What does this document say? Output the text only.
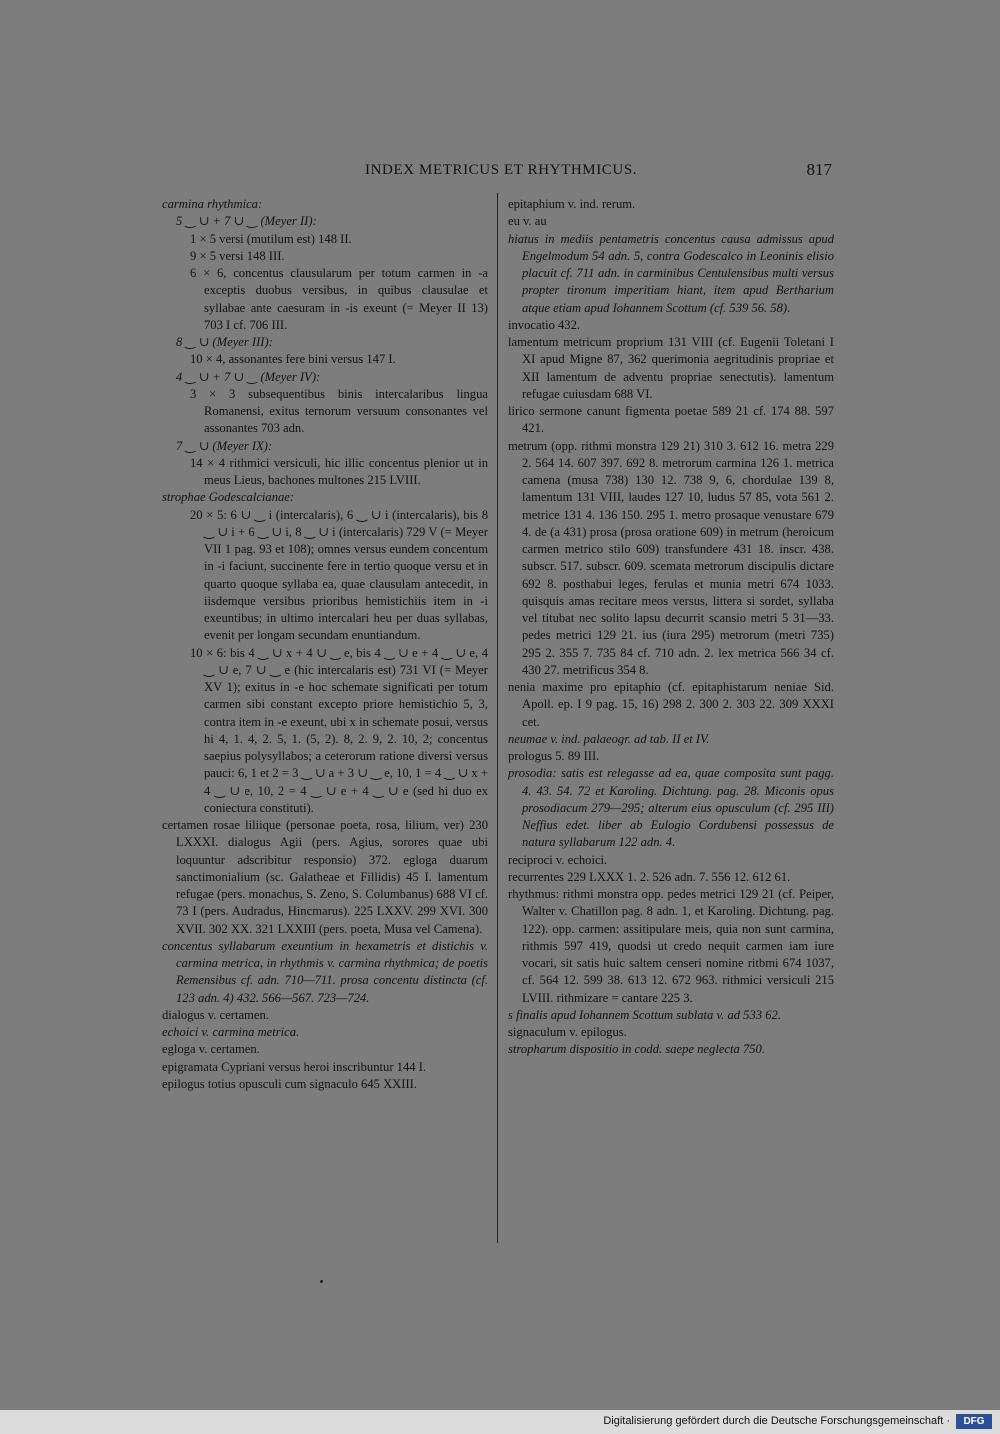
INDEX METRICUS ET RHYTHMICUS.	817
carmina rhythmica:
5 ‿ ∪ + 7 ∪ ‿ (Meyer II):
1 × 5 versi (mutilum est) 148 II.
9 × 5 versi 148 III.
6 × 6, concentus clausularum per totum carmen in -a exceptis duobus versibus, in quibus clausulae et syllabae ante caesuram in -is exeunt (= Meyer II 13) 703 I cf. 706 III.
8 ‿ ∪ (Meyer III):
10 × 4, assonantes fere bini versus 147 I.
4 ‿ ∪ + 7 ∪ ‿ (Meyer IV):
3 × 3 subsequentibus binis intercalaribus lingua Romanensi, exitus ternorum versuum consonantes vel assonantes 703 adn.
7 ‿ ∪ (Meyer IX):
14 × 4 rithmici versiculi, hic illic concentus plenior ut in meus Lieus, bachones multones 215 LVIII.
strophae Godescalcianae:
20 × 5: 6 ∪ ‿ i (intercalaris), 6 ‿ ∪ i (intercalaris), bis 8 ‿ ∪ i + 6 ‿ ∪ i, 8 ‿ ∪ i (intercalaris) 729 V (= Meyer VII 1 pag. 93 et 108); omnes versus eundem concentum in -i faciunt, succinente fere in tertio quoque versu et in quarto quoque syllaba ea, quae clausulam antecedit, in iisdemque versibus prioribus hemistichiis item in -i exeuntibus; in ultimo intercalari heu per duas syllabas, evenit per longam secundam enuntiandum.
10 × 6: bis 4 ‿ ∪ x + 4 ∪ ‿ e, bis 4 ‿ ∪ e + 4 ‿ ∪ e, 4 ‿ ∪ e, 7 ∪ ‿ e (hic intercalaris est) 731 VI (= Meyer XV 1); exitus in -e hoc schemate significati per totum carmen sibi constant excepto priore hemistichio 5, 3, contra item in -e exeunt, ubi x in schemate posui, versus hi 4, 1. 4, 2. 5, 1. (5, 2). 8, 2. 9, 2. 10, 2; concentus saepius polysyllabos; a ceterorum ratione diversi versus pauci: 6, 1 et 2 = 3 ‿ ∪ a + 3 ∪ ‿ e, 10, 1 = 4 ‿ ∪ x + 4 ‿ ∪ e, 10, 2 = 4 ‿ ∪ e + 4 ‿ ∪ e (sed hi duo ex coniectura constituti).
certamen rosae liliique (personae poeta, rosa, lilium, ver) 230 LXXXI. dialogus Agii (pers. Agius, sorores quae ubi loquuntur adscribitur responsio) 372. egloga duarum sanctimonialium (sc. Galatheae et Fillidis) 45 I. lamentum refugae (pers. monachus, S. Zeno, S. Columbanus) 688 VI cf. 73 I (pers. Audradus, Hincmarus). 225 LXXV. 299 XVI. 300 XVII. 302 XX. 321 LXXIII (pers. poeta, Musa vel Camena).
concentus syllabarum exeuntium in hexametris et distichis v. carmina metrica, in rhythmis v. carmina rhythmica; de poetis Remensibus cf. adn. 710—711. prosa concentu distincta (cf. 123 adn. 4) 432. 566—567. 723—724.
dialogus v. certamen.
echoici v. carmina metrica.
egloga v. certamen.
epigramata Cypriani versus heroi inscribuntur 144 I.
epilogus totius opusculi cum signaculo 645 XXIII.
epitaphium v. ind. rerum.
eu v. au
hiatus in mediis pentametris concentus causa admissus apud Engelmodum 54 adn. 5, contra Godescalco in Leoninis elisio placuit cf. 711 adn. in carminibus Centulensibus multi versus propter tironum imperitiam hiant, item apud Bertharium atque etiam apud Iohannem Scottum (cf. 539 56. 58).
invocatio 432.
lamentum metricum proprium 131 VIII (cf. Eugenii Toletani I XI apud Migne 87, 362 querimonia aegritudinis propriae et XII lamentum de adventu propriae senectutis). lamentum refugae cuiusdam 688 VI.
lirico sermone canunt figmenta poetae 589 21 cf. 174 88. 597 421.
metrum (opp. rithmi monstra 129 21) 310 3. 612 16. metra 229 2. 564 14. 607 397. 692 8. metrorum carmina 126 1. metrica camena (musa 738) 130 12. 738 9, 6, chordulae 139 8, lamentum 131 VIII, laudes 127 10, ludus 57 85, vota 561 2. metrice 131 4. 136 150. 295 1. metro prosaque venustare 679 4. de (a 431) prosa (prosa oratione 609) in metrum (heroicum carmen metrico stilo 609) transfundere 431 18. inscr. 438. subscr. 517. subscr. 609. scemata metrorum discipulis dictare 692 8. posthabui leges, ferulas et munia metri 674 1033. quisquis amas recitare meos versus, littera si sordet, syllaba vel titubat nec solito lapsu decurrit scansio metri 5 31—33. pedes metrici 129 21. ius (iura 295) metrorum (metri 735) 295 2. 355 7. 735 84 cf. 710 adn. 2. lex metrica 566 34 cf. 430 27. metrificus 354 8.
nenia maxime pro epitaphio (cf. epitaphistarum neniae Sid. Apoll. ep. I 9 pag. 15, 16) 298 2. 300 2. 303 22. 309 XXXI cet.
neumae v. ind. palaeogr. ad tab. II et IV.
prologus 5. 89 III.
prosodia: satis est relegasse ad ea, quae composita sunt pagg. 4. 43. 54. 72 et Karoling. Dichtung. pag. 28. Miconis opus prosodiacum 279—295; alterum eius opusculum (cf. 295 III) Neffius edet. liber ab Eulogio Cordubensi possessus de natura syllabarum 122 adn. 4.
reciproci v. echoici.
recurrentes 229 LXXX 1. 2. 526 adn. 7. 556 12. 612 61.
rhythmus: rithmi monstra opp. pedes metrici 129 21 (cf. Peiper, Walter v. Chatillon pag. 8 adn. 1, et Karoling. Dichtung. pag. 122). opp. carmen: assitipulare meis, quia non sunt carmina, rithmis 597 419, quodsi ut credo nequit carmen iam iure vocari, sit satis huic saltem censeri nomine ritbmi 674 1037, cf. 564 12. 599 38. 613 12. 672 963. rithmici versiculi 215 LVIII. rithmizare = cantare 225 3.
s finalis apud Iohannem Scottum sublata v. ad 533 62.
signaculum v. epilogus.
stropharum dispositio in codd. saepe neglecta 750.
Digitalisierung gefördert durch die Deutsche Forschungsgemeinschaft ·	DFG
